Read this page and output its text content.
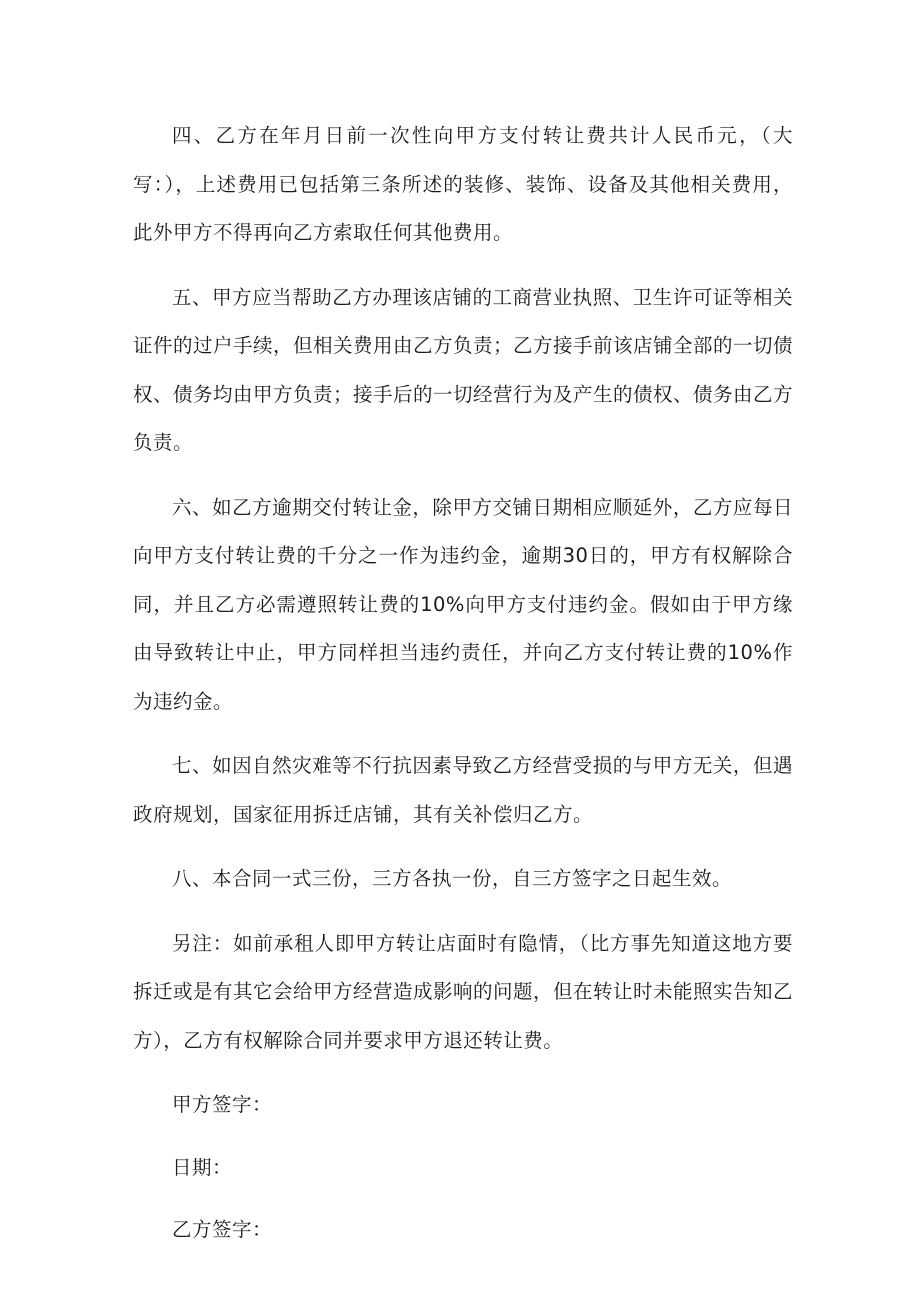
四、乙方在年月日前一次性向甲方支付转让费共计人民币元，（大写：），上述费用已包括第三条所述的装修、装饰、设备及其他相关费用，此外甲方不得再向乙方索取任何其他费用。

五、甲方应当帮助乙方办理该店铺的工商营业执照、卫生许可证等相关证件的过户手续，但相关费用由乙方负责；乙方接手前该店铺全部的一切债权、债务均由甲方负责；接手后的一切经营行为及产生的债权、债务由乙方负责。

六、如乙方逾期交付转让金，除甲方交铺日期相应顺延外，乙方应每日向甲方支付转让费的千分之一作为违约金，逾期30日的，甲方有权解除合同，并且乙方必需遵照转让费的10%向甲方支付违约金。假如由于甲方缘由导致转让中止，甲方同样担当违约责任，并向乙方支付转让费的10%作为违约金。

七、如因自然灾难等不行抗因素导致乙方经营受损的与甲方无关，但遇政府规划，国家征用拆迁店铺，其有关补偿归乙方。

八、本合同一式三份，三方各执一份，自三方签字之日起生效。

另注：如前承租人即甲方转让店面时有隐情，（比方事先知道这地方要拆迁或是有其它会给甲方经营造成影响的问题，但在转让时未能照实告知乙方），乙方有权解除合同并要求甲方退还转让费。

甲方签字：

日期：

乙方签字：
